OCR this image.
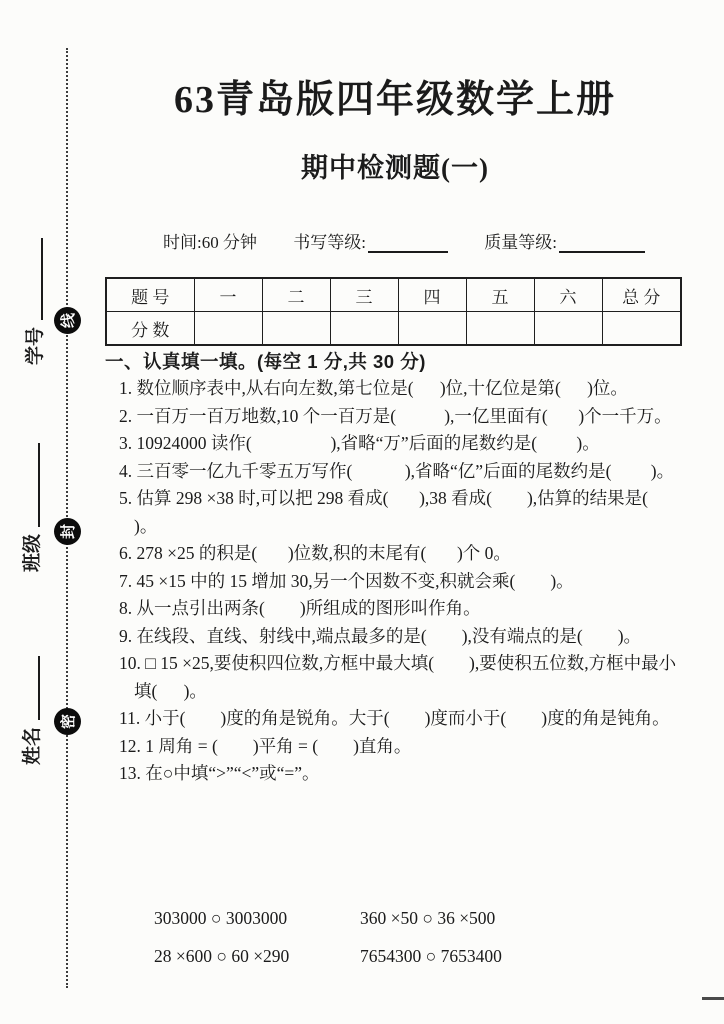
学号
班级
姓名
线
封
密
63青岛版四年级数学上册
期中检测题(一)
时间:60 分钟 书写等级:	质量等级:
题 号	一	二	三	四	五	六	总 分
分 数							
一、认真填一填。(每空 1 分,共 30 分)
1. 数位顺序表中,从右向左数,第七位是(      )位,十亿位是第(      )位。
2. 一百万一百万地数,10 个一百万是(           ),一亿里面有(       )个一千万。
3. 10924000 读作(                  ),省略“万”后面的尾数约是(         )。
4. 三百零一亿九千零五万写作(            ),省略“亿”后面的尾数约是(         )。
5. 估算 298 ×38 时,可以把 298 看成(       ),38 看成(        ),估算的结果是(      )。
6. 278 ×25 的积是(       )位数,积的末尾有(       )个 0。
7. 45 ×15 中的 15 增加 30,另一个因数不变,积就会乘(        )。
8. 从一点引出两条(        )所组成的图形叫作角。
9. 在线段、直线、射线中,端点最多的是(        ),没有端点的是(        )。
10. □ 15 ×25,要使积四位数,方框中最大填(        ),要使积五位数,方框中最小填(      )。
11. 小于(        )度的角是锐角。大于(        )度而小于(        )度的角是钝角。
12. 1 周角 = (        )平角 = (        )直角。
13. 在○中填“>”“<”或“=”。
303000 ○ 3003000	360 ×50 ○ 36 ×500
28 ×600 ○ 60 ×290	7654300 ○ 7653400
